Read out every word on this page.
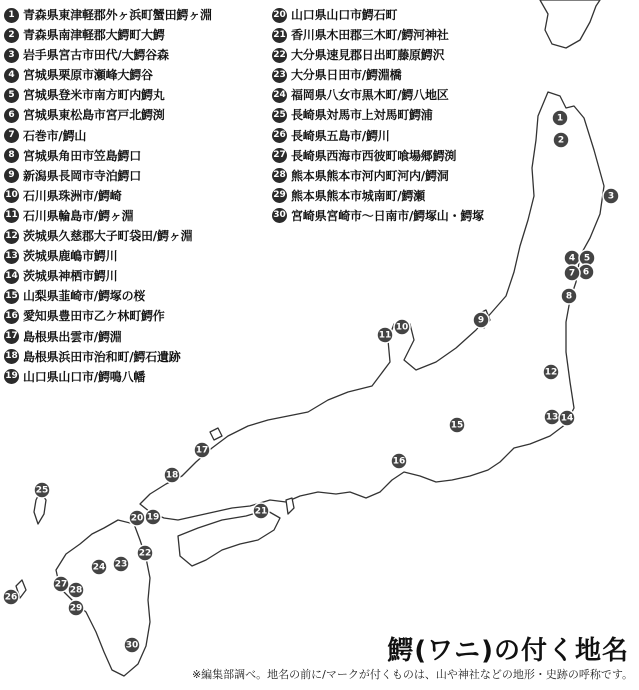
1
2
3
4 5
6
7
8
9
10
11
12
13 14
15
16
17
18
19
20
21
22
23
24
25
26
27
28
29
30
1 青森県東津軽郡外ヶ浜町蟹田鰐ヶ淵
2 青森県南津軽郡大鰐町大鰐
3 岩手県宮古市田代/大鰐谷森
4 宮城県栗原市瀬峰大鰐谷
5 宮城県登米市南方町内鰐丸
6 宮城県東松島市宮戸北鰐渕
7 石巻市/鰐山
8 宮城県角田市笠島鰐口
9 新潟県長岡市寺泊鰐口
10 石川県珠洲市/鰐崎
11 石川県輪島市/鰐ヶ淵
12 茨城県久慈郡大子町袋田/鰐ヶ淵
13 茨城県鹿嶋市鰐川
14 茨城県神栖市鰐川
15 山梨県韮崎市/鰐塚の桜
16 愛知県豊田市乙ケ林町鰐作
17 島根県出雲市/鰐淵
18 島根県浜田市治和町/鰐石遺跡
19 山口県山口市/鰐鳴八幡
20 山口県山口市鰐石町
21 香川県木田郡三木町/鰐河神社
22 大分県速見郡日出町藤原鰐沢
23 大分県日田市/鰐淵橋
24 福岡県八女市黒木町/鰐八地区
25 長崎県対馬市上対馬町鰐浦
26 長崎県五島市/鰐川
27 長崎県西海市西彼町喰場郷鰐渕
28 熊本県熊本市河内町河内/鰐洞
29 熊本県熊本市城南町/鰐瀬
30 宮崎県宮崎市～日南市/鰐塚山・鰐塚
鰐(ワニ)の付く地名
※編集部調べ。地名の前に/マークが付くものは、山や神社などの地形・史跡の呼称です。
